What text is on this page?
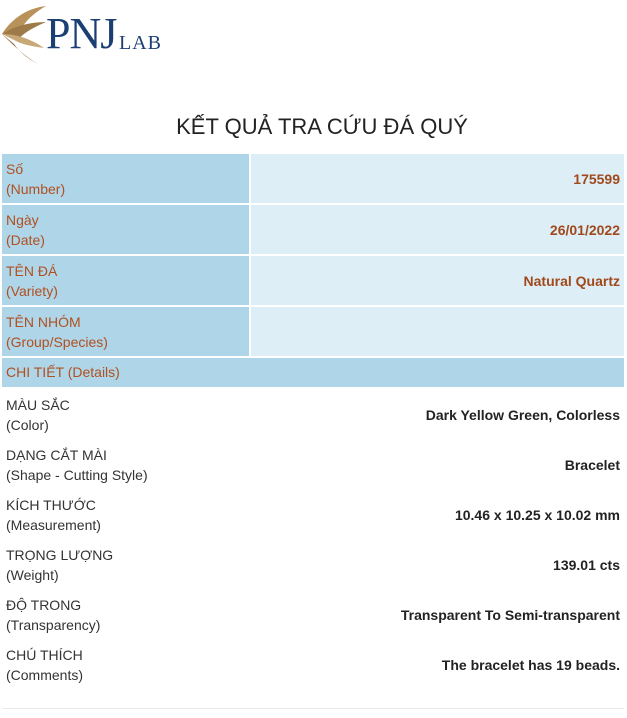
PNJ LAB
KẾT QUẢ TRA CỨU ĐÁ QUÝ
Số
(Number)
175599
Ngày
(Date)
26/01/2022
TÊN ĐÁ
(Variety)
Natural Quartz
TÊN NHÓM
(Group/Species)
CHI TIẾT (Details)
MÀU SẮC
(Color)
Dark Yellow Green, Colorless
DẠNG CẮT MÀI
(Shape - Cutting Style)
Bracelet
KÍCH THƯỚC
(Measurement)
10.46 x 10.25 x 10.02 mm
TRỌNG LƯỢNG
(Weight)
139.01 cts
ĐỘ TRONG
(Transparency)
Transparent To Semi-transparent
CHÚ THÍCH
(Comments)
The bracelet has 19 beads.
